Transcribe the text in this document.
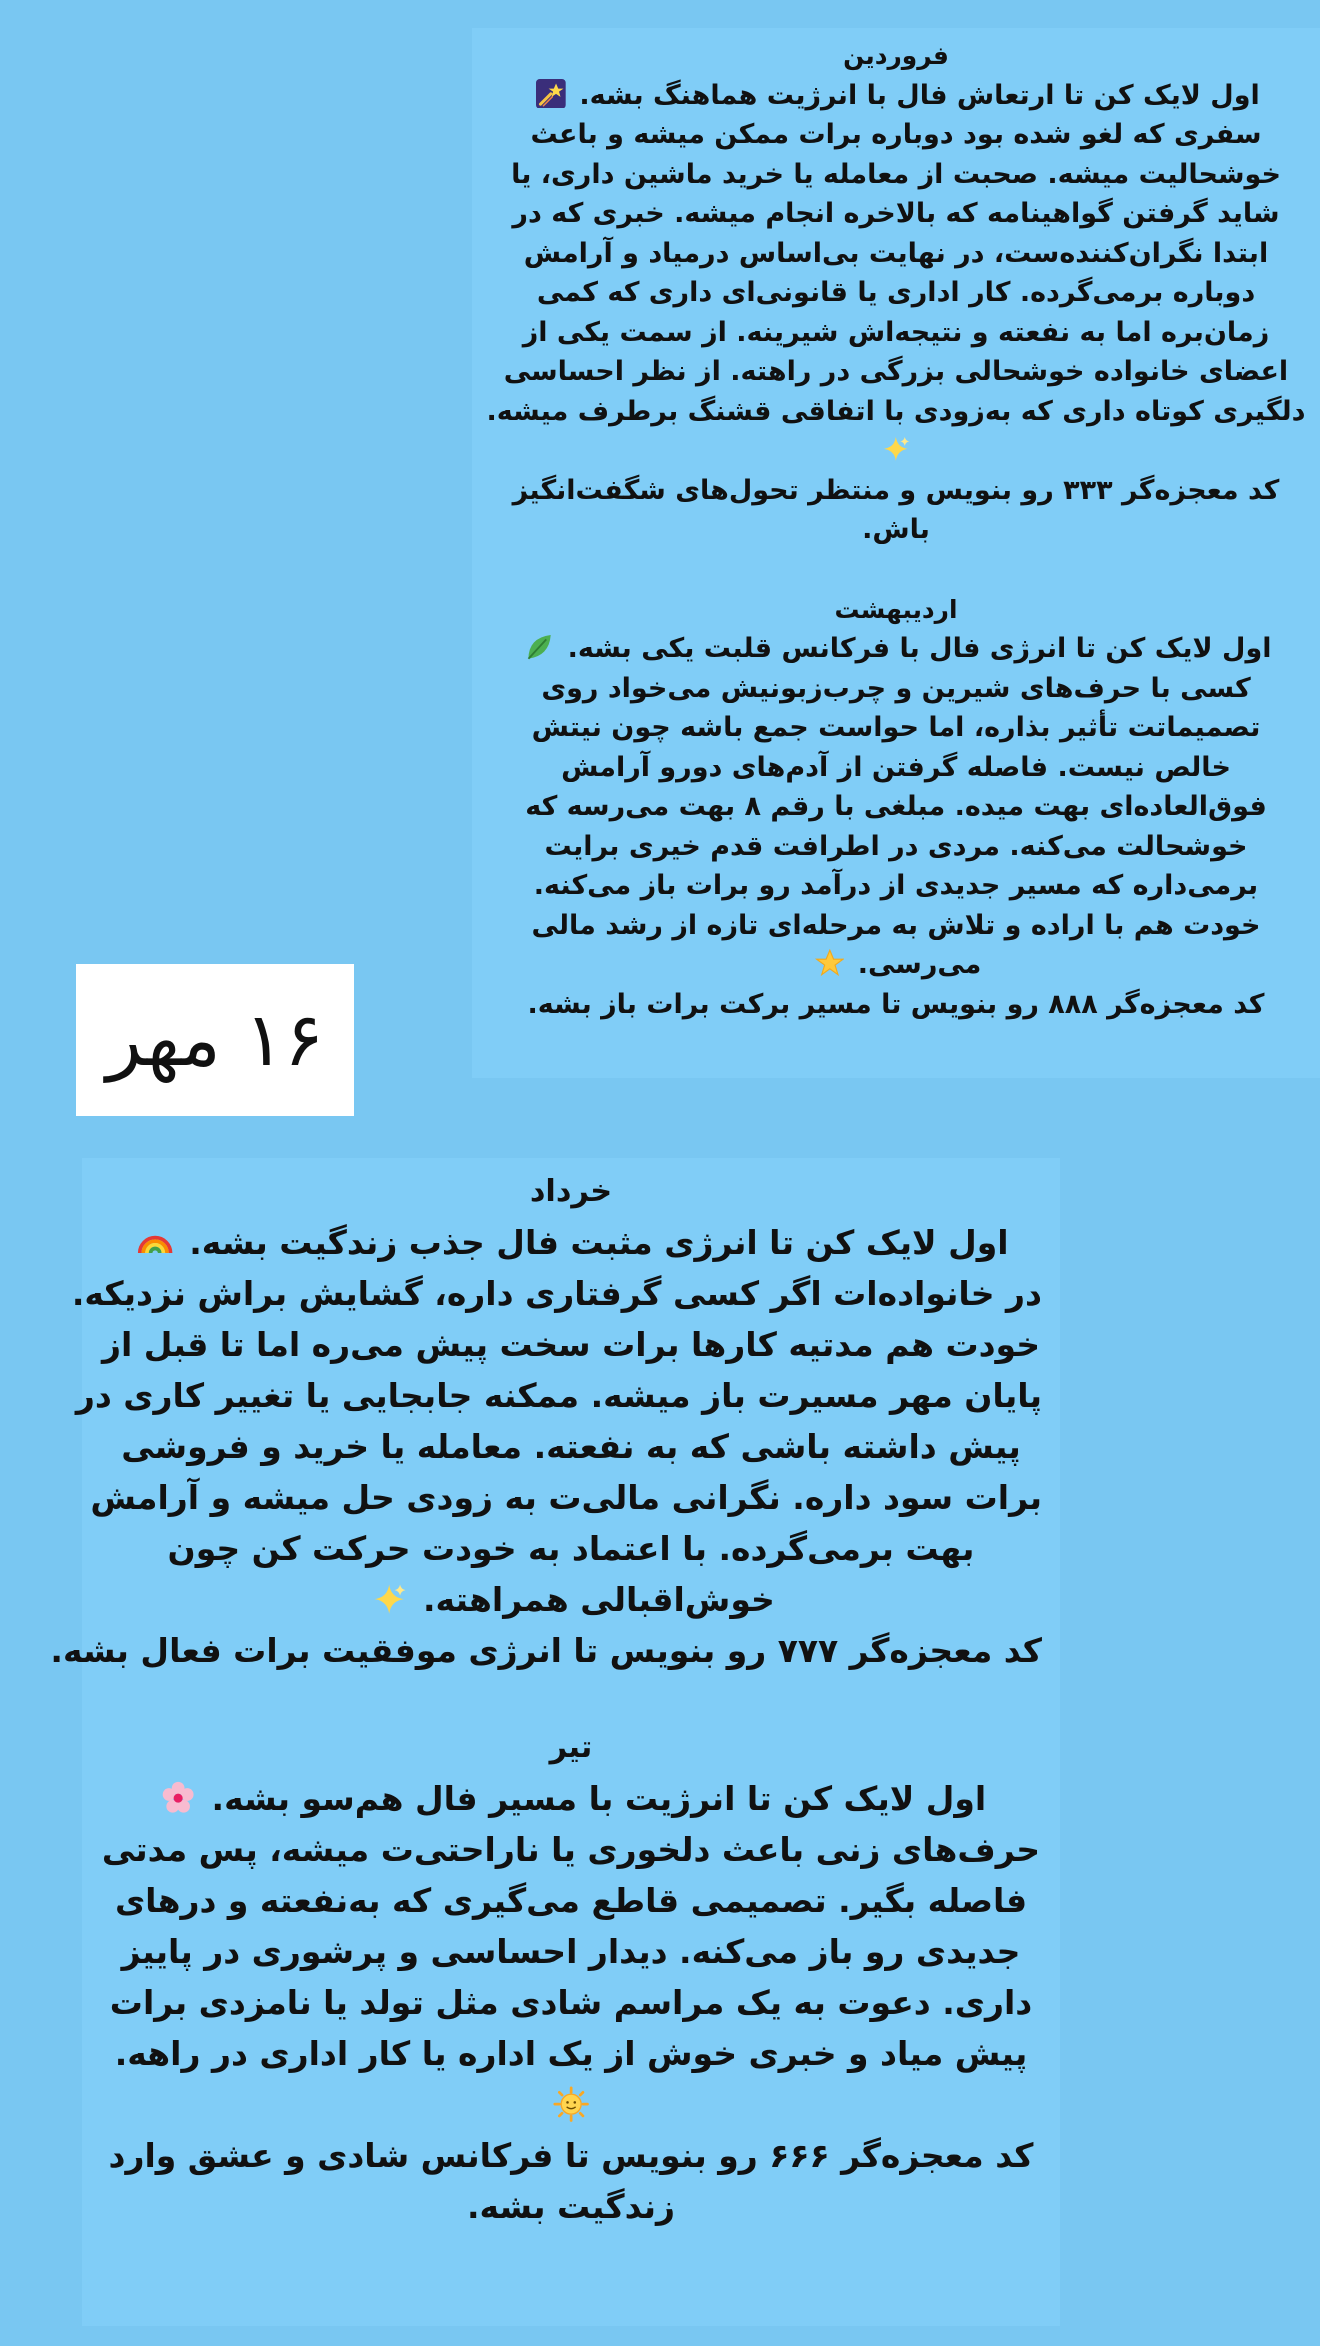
فروردین
اول لایک کن تا ارتعاش فال با انرژیت هماهنگ بشه.
سفری که لغو شده بود دوباره برات ممکن میشه و باعث
خوشحالیت میشه. صحبت از معامله یا خرید ماشین داری، یا
شاید گرفتن گواهینامه که بالاخره انجام میشه. خبری که در
ابتدا نگران‌کننده‌ست، در نهایت بی‌اساس درمیاد و آرامش
دوباره برمی‌گرده. کار اداری یا قانونی‌ای داری که کمی
زمان‌بره اما به نفعته و نتیجه‌اش شیرینه. از سمت یکی از
اعضای خانواده خوشحالی بزرگی در راهته. از نظر احساسی
دلگیری کوتاه داری که به‌زودی با اتفاقی قشنگ برطرف میشه.
کد معجزه‌گر ۳۳۳ رو بنویس و منتظر تحول‌های شگفت‌انگیز
باش.
اردیبهشت
اول لایک کن تا انرژی فال با فرکانس قلبت یکی بشه.
کسی با حرف‌های شیرین و چرب‌زبونیش می‌خواد روی
تصمیماتت تأثیر بذاره، اما حواست جمع باشه چون نیتش
خالص نیست. فاصله گرفتن از آدم‌های دورو آرامش
فوق‌العاده‌ای بهت میده. مبلغی با رقم ۸ بهت می‌رسه که
خوشحالت می‌کنه. مردی در اطرافت قدم خیری برایت
برمی‌داره که مسیر جدیدی از درآمد رو برات باز می‌کنه.
خودت هم با اراده و تلاش به مرحله‌ای تازه از رشد مالی
می‌رسی.
کد معجزه‌گر ۸۸۸ رو بنویس تا مسیر برکت برات باز بشه.
۱۶ مهر
خرداد
اول لایک کن تا انرژی مثبت فال جذب زندگیت بشه.
در خانواده‌ات اگر کسی گرفتاری داره، گشایش براش نزدیکه.
خودت هم مدتیه کارها برات سخت پیش می‌ره اما تا قبل از
پایان مهر مسیرت باز میشه. ممکنه جابجایی یا تغییر کاری در
پیش داشته باشی که به نفعته. معامله یا خرید و فروشی
برات سود داره. نگرانی مالی‌ت به زودی حل میشه و آرامش
بهت برمی‌گرده. با اعتماد به خودت حرکت کن چون
خوش‌اقبالی همراهته.
کد معجزه‌گر ۷۷۷ رو بنویس تا انرژی موفقیت برات فعال بشه.
تیر
اول لایک کن تا انرژیت با مسیر فال هم‌سو بشه.
حرف‌های زنی باعث دلخوری یا ناراحتی‌ت میشه، پس مدتی
فاصله بگیر. تصمیمی قاطع می‌گیری که به‌نفعته و درهای
جدیدی رو باز می‌کنه. دیدار احساسی و پرشوری در پاییز
داری. دعوت به یک مراسم شادی مثل تولد یا نامزدی برات
پیش میاد و خبری خوش از یک اداره یا کار اداری در راهه.
کد معجزه‌گر ۶۶۶ رو بنویس تا فرکانس شادی و عشق وارد
زندگیت بشه.
